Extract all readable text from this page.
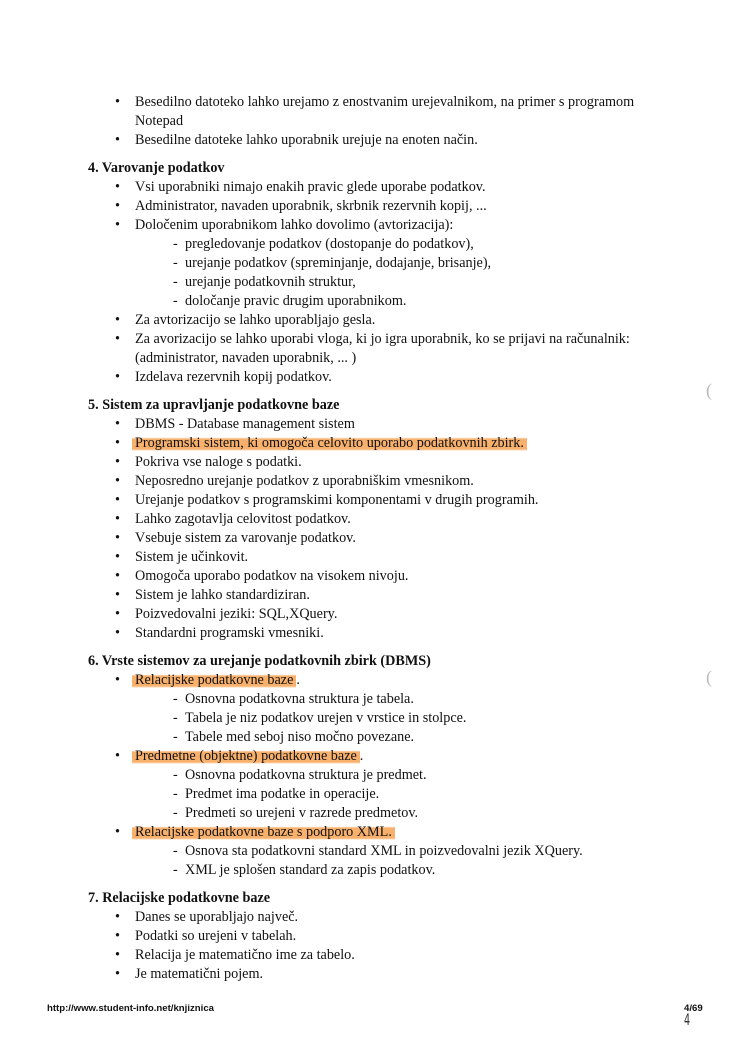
• Besedilno datoteko lahko urejamo z enostvanim urejevalnikom, na primer s programom Notepad
• Besedilne datoteke lahko uporabnik urejuje na enoten način.
4. Varovanje podatkov
• Vsi uporabniki nimajo enakih pravic glede uporabe podatkov.
• Administrator, navaden uporabnik, skrbnik rezervnih kopij, ...
• Določenim uporabnikom lahko dovolimo (avtorizacija):
- pregledovanje podatkov (dostopanje do podatkov),
- urejanje podatkov (spreminjanje, dodajanje, brisanje),
- urejanje podatkovnih struktur,
- določanje pravic drugim uporabnikom.
• Za avtorizacijo se lahko uporabljajo gesla.
• Za avorizacijo se lahko uporabi vloga, ki jo igra uporabnik, ko se prijavi na računalnik: (administrator, navaden uporabnik, ... )
• Izdelava rezervnih kopij podatkov.
5. Sistem za upravljanje podatkovne baze
• DBMS - Database management sistem
• Programski sistem, ki omogoča celovito uporabo podatkovnih zbirk.
• Pokriva vse naloge s podatki.
• Neposredno urejanje podatkov z uporabniškim vmesnikom.
• Urejanje podatkov s programskimi komponentami v drugih programih.
• Lahko zagotavlja celovitost podatkov.
• Vsebuje sistem za varovanje podatkov.
• Sistem je učinkovit.
• Omogoča uporabo podatkov na visokem nivoju.
• Sistem je lahko standardiziran.
• Poizvedovalni jeziki: SQL,XQuery.
• Standardni programski vmesniki.
6. Vrste sistemov za urejanje podatkovnih zbirk (DBMS)
• Relacijske podatkovne baze .
- Osnovna podatkovna struktura je tabela.
- Tabela je niz podatkov urejen v vrstice in stolpce.
- Tabele med seboj niso močno povezane.
• Predmetne (objektne) podatkovne baze .
- Osnovna podatkovna struktura je predmet.
- Predmet ima podatke in operacije.
- Predmeti so urejeni v razrede predmetov.
• Relacijske podatkovne baze s podporo XML.
- Osnova sta podatkovni standard XML in poizvedovalni jezik XQuery.
- XML je splošen standard za zapis podatkov.
7. Relacijske podatkovne baze
• Danes se uporabljajo največ.
• Podatki so urejeni v tabelah.
• Relacija je matematično ime za tabelo.
• Je matematični pojem.
(
(
http://www.student-info.net/knjiznica	4/69
4
